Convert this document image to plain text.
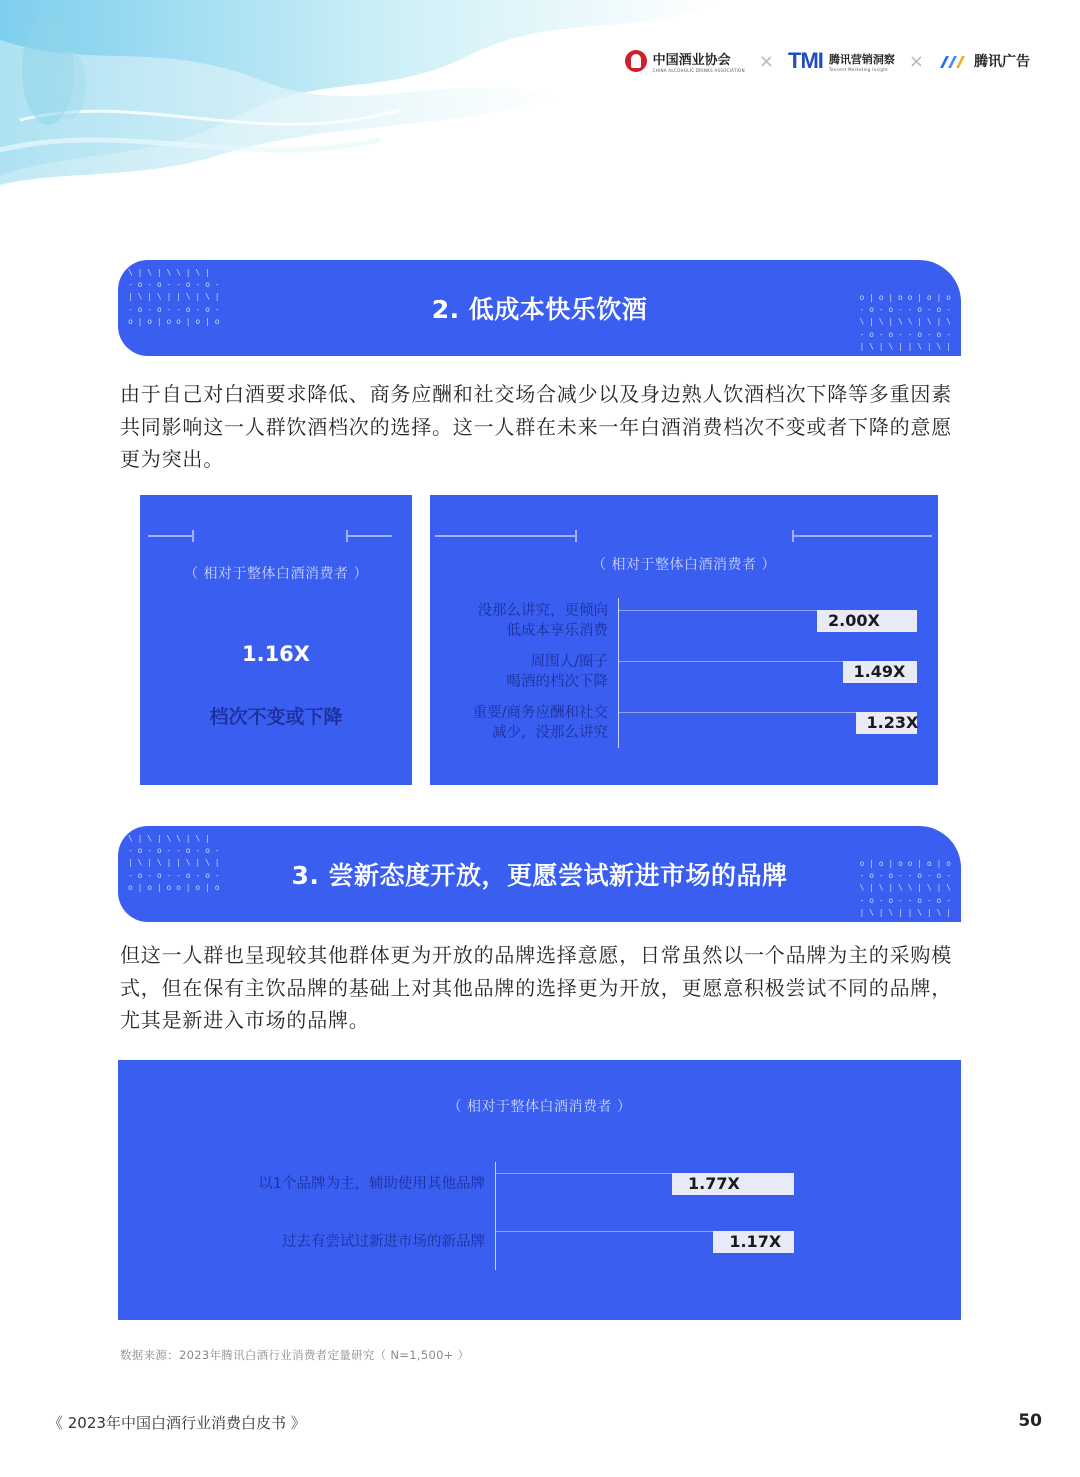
中国酒业协会
CHINA ALCOHOLIC DRINKS ASSOCIATION × TMI 腾讯营销洞察
Tencent Marketing Insight	×	腾讯广告
\ | \ | \ \ | \ |
- o - o - - o - o -
| \ | \ | | \ | \ |
- o - o - - o - o -
o | o | o o | o | o	2. 低成本快乐饮酒	o | o | o o | o | o
- o - o - - o - o -
\ | \ | \ \ | \ | \
- o - o - - o - o -
| \ | \ | | \ | \ |

由于自己对白酒要求降低、商务应酬和社交场合减少以及身边熟人饮酒档次下降等多重因素共同影响这一人群饮酒档次的选择。这一人群在未来一年白酒消费档次不变或者下降的意愿更为突出。

（ 相对于整体白酒消费者 ）
1.16X
档次不变或下降
（ 相对于整体白酒消费者 ）
没那么讲究，更倾向
低成本享乐消费
2.00X
周围人/圈子
喝酒的档次下降
1.49X
重要/商务应酬和社交
减少，没那么讲究
1.23X
\ | \ | \ \ | \ |
- o - o - - o - o -
| \ | \ | | \ | \ |
- o - o - - o - o -
o | o | o o | o | o	3. 尝新态度开放，更愿尝试新进市场的品牌	o | o | o o | o | o
- o - o - - o - o -
\ | \ | \ \ | \ | \
- o - o - - o - o -
| \ | \ | | \ | \ |

但这一人群也呈现较其他群体更为开放的品牌选择意愿，日常虽然以一个品牌为主的采购模式，但在保有主饮品牌的基础上对其他品牌的选择更为开放，更愿意积极尝试不同的品牌，尤其是新进入市场的品牌。

（ 相对于整体白酒消费者 ）
以1个品牌为主，辅助使用其他品牌	1.77X
过去有尝试过新进市场的新品牌	1.17X
数据来源：2023年腾讯白酒行业消费者定量研究（ N=1,500+ ）
《 2023年中国白酒行业消费白皮书 》	50
